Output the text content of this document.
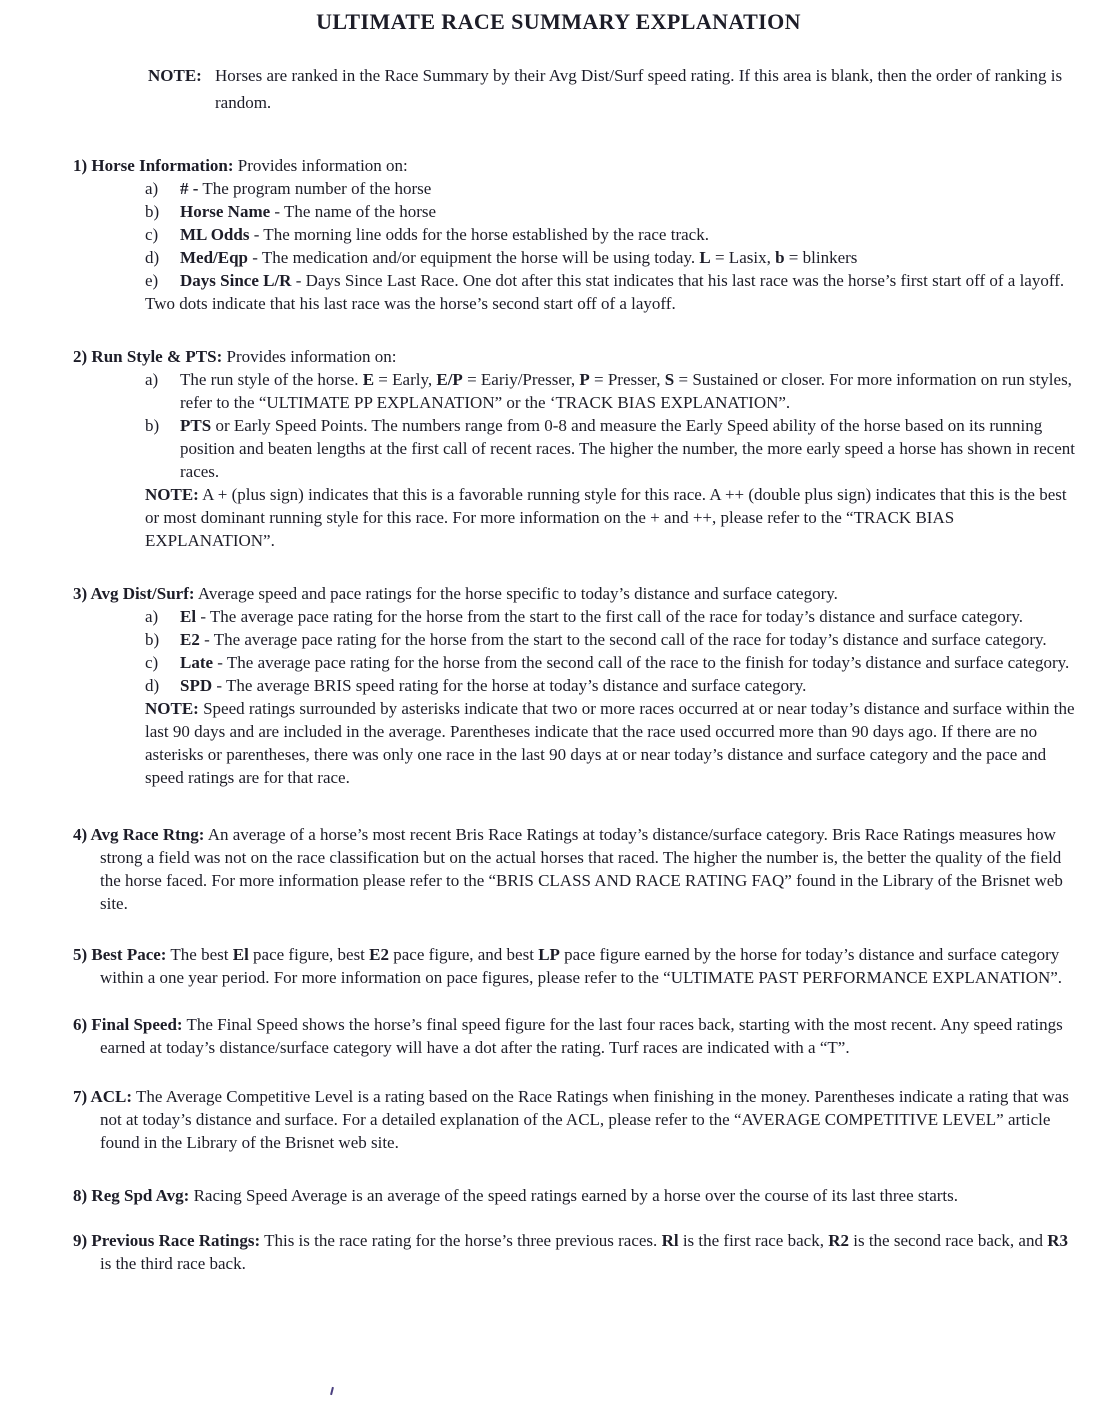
ULTIMATE RACE SUMMARY EXPLANATION

NOTE: Horses are ranked in the Race Summary by their Avg Dist/Surf speed rating. If this area is blank, then the order of ranking is random.

1) Horse Information: Provides information on:

a) # - The program number of the horse

b) Horse Name - The name of the horse

c) ML Odds - The morning line odds for the horse established by the race track.

d) Med/Eqp - The medication and/or equipment the horse will be using today. L = Lasix, b = blinkers

e) Days Since L/R - Days Since Last Race. One dot after this stat indicates that his last race was the horse’s first start off of a layoff. Two dots indicate that his last race was the horse’s second start off of a layoff.

2) Run Style & PTS: Provides information on:

a) The run style of the horse. E = Early, E/P = Eariy/Presser, P = Presser, S = Sustained or closer. For more information on run styles, refer to the “ULTIMATE PP EXPLANATION” or the ‘TRACK BIAS EXPLANATION”.

b) PTS or Early Speed Points. The numbers range from 0-8 and measure the Early Speed ability of the horse based on its running position and beaten lengths at the first call of recent races. The higher the number, the more early speed a horse has shown in recent races.

NOTE: A + (plus sign) indicates that this is a favorable running style for this race. A ++ (double plus sign) indicates that this is the best or most dominant running style for this race. For more information on the + and ++, please refer to the “TRACK BIAS EXPLANATION”.

3) Avg Dist/Surf: Average speed and pace ratings for the horse specific to today’s distance and surface category.

a) El - The average pace rating for the horse from the start to the first call of the race for today’s distance and surface category.

b) E2 - The average pace rating for the horse from the start to the second call of the race for today’s distance and surface category.

c) Late - The average pace rating for the horse from the second call of the race to the finish for today’s distance and surface category.

d) SPD - The average BRIS speed rating for the horse at today’s distance and surface category.

NOTE: Speed ratings surrounded by asterisks indicate that two or more races occurred at or near today’s distance and surface within the last 90 days and are included in the average. Parentheses indicate that the race used occurred more than 90 days ago. If there are no asterisks or parentheses, there was only one race in the last 90 days at or near today’s distance and surface category and the pace and speed ratings are for that race.

4) Avg Race Rtng: An average of a horse’s most recent Bris Race Ratings at today’s distance/surface category. Bris Race Ratings measures how strong a field was not on the race classification but on the actual horses that raced. The higher the number is, the better the quality of the field the horse faced. For more information please refer to the “BRIS CLASS AND RACE RATING FAQ” found in the Library of the Brisnet web site.

5) Best Pace: The best El pace figure, best E2 pace figure, and best LP pace figure earned by the horse for today’s distance and surface category within a one year period. For more information on pace figures, please refer to the “ULTIMATE PAST PERFORMANCE EXPLANATION”.

6) Final Speed: The Final Speed shows the horse’s final speed figure for the last four races back, starting with the most recent. Any speed ratings earned at today’s distance/surface category will have a dot after the rating. Turf races are indicated with a “T”.

7) ACL: The Average Competitive Level is a rating based on the Race Ratings when finishing in the money. Parentheses indicate a rating that was not at today’s distance and surface. For a detailed explanation of the ACL, please refer to the “AVERAGE COMPETITIVE LEVEL” article found in the Library of the Brisnet web site.

8) Reg Spd Avg: Racing Speed Average is an average of the speed ratings earned by a horse over the course of its last three starts.

9) Previous Race Ratings: This is the race rating for the horse’s three previous races. Rl is the first race back, R2 is the second race back, and R3 is the third race back.
